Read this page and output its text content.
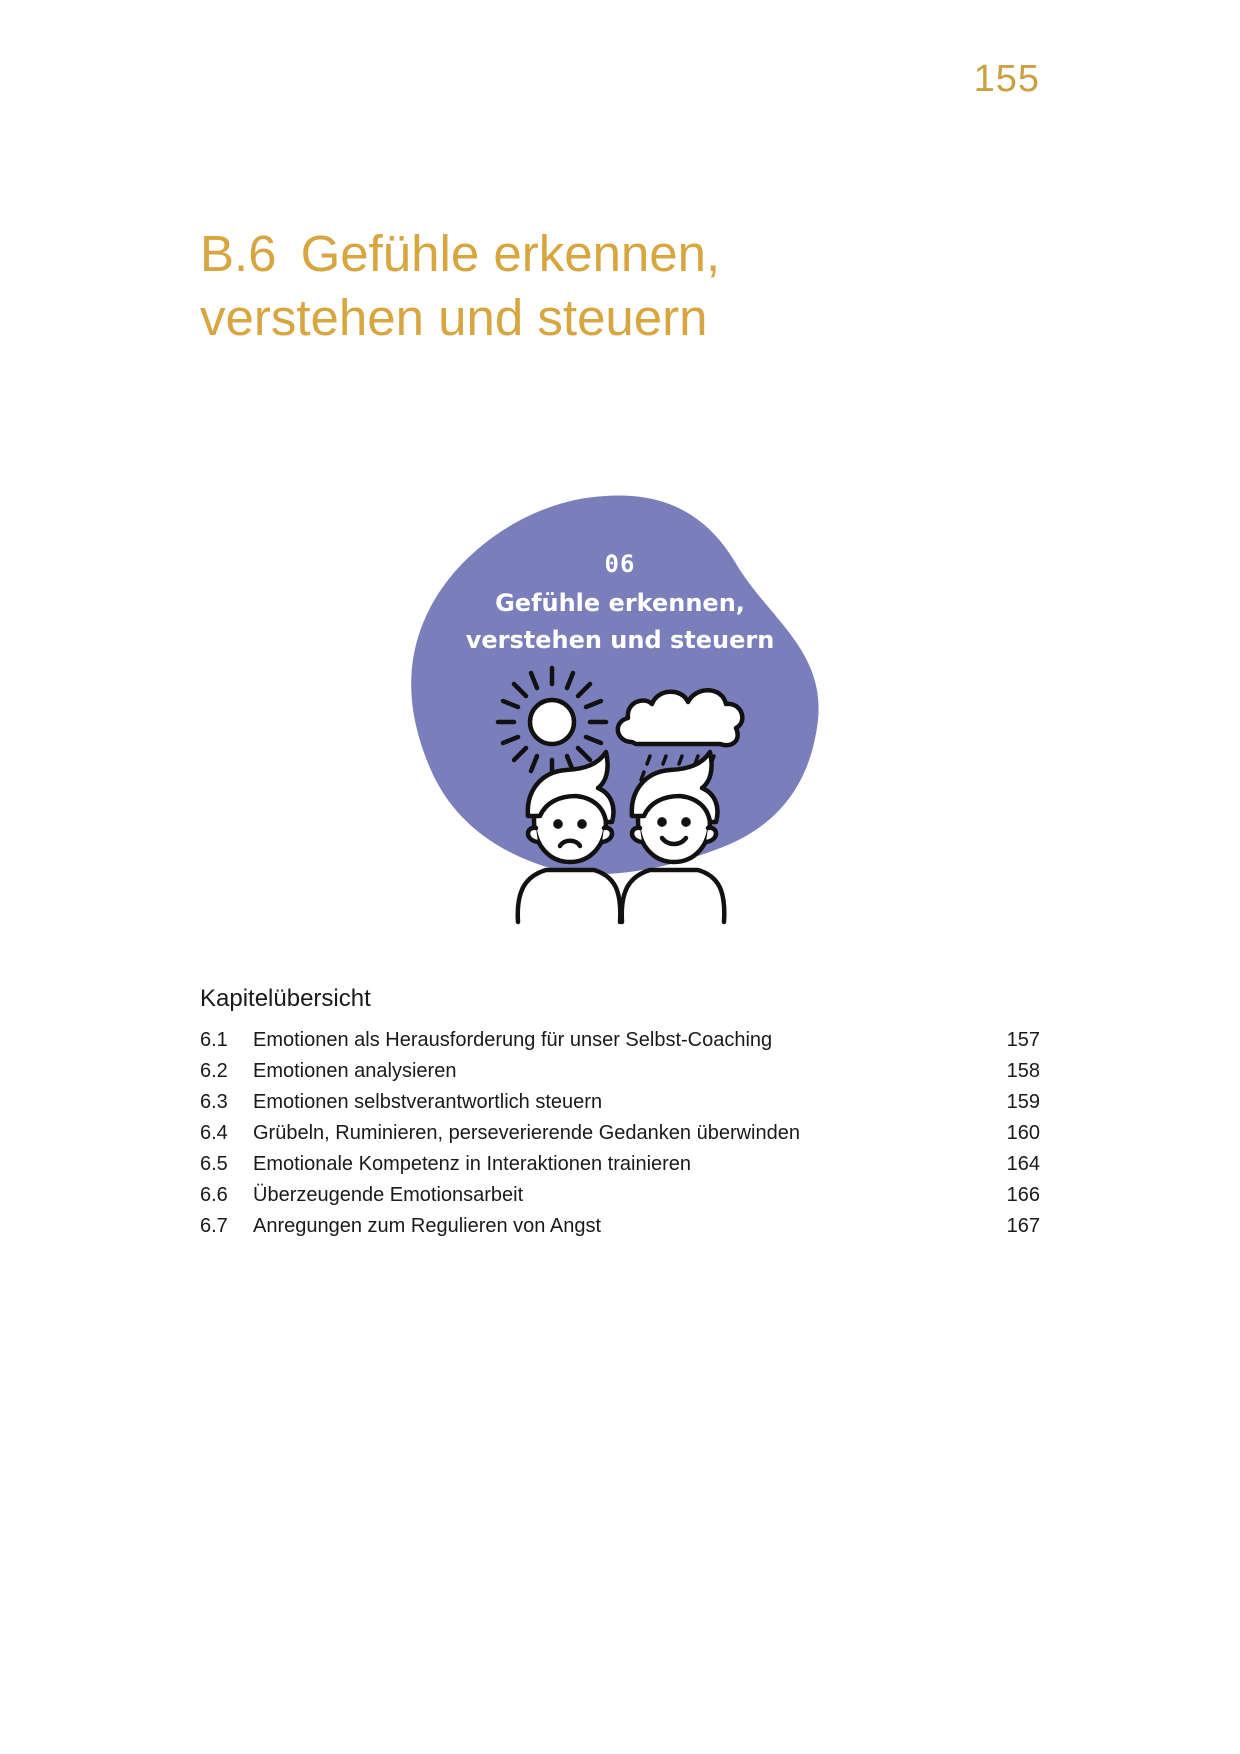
155
B.6 Gefühle erkennen,
verstehen und steuern
06
Gefühle erkennen,
verstehen und steuern
Kapitelübersicht
6.1 Emotionen als Herausforderung für unser Selbst-Coaching	157
6.2 Emotionen analysieren	158
6.3 Emotionen selbstverantwortlich steuern	159
6.4 Grübeln, Ruminieren, perseverierende Gedanken überwinden	160
6.5 Emotionale Kompetenz in Interaktionen trainieren	164
6.6 Überzeugende Emotionsarbeit	166
6.7 Anregungen zum Regulieren von Angst	167
